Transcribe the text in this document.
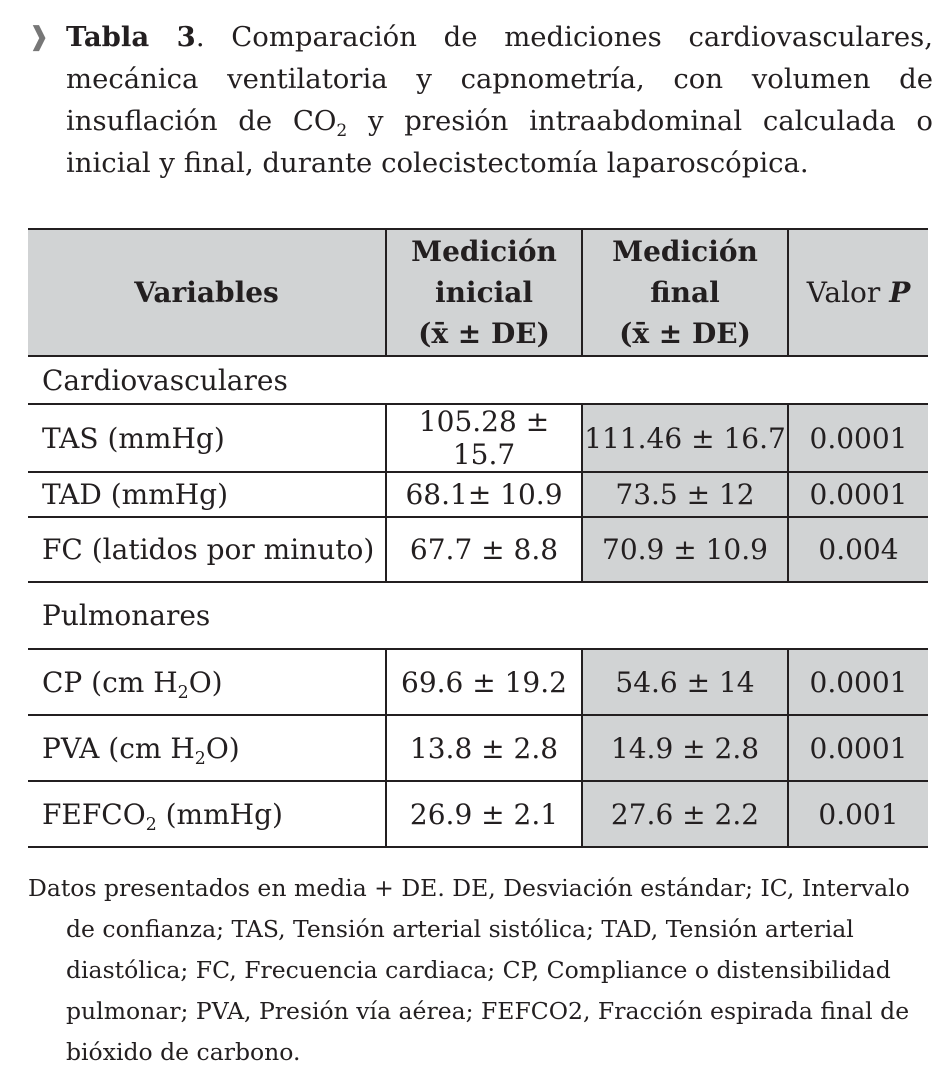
❱ Tabla 3. Comparación de mediciones cardiovasculares, mecánica ventilatoria y capnometría, con volumen de insuflación de $CO_2$ y presión intraabdominal calculada o inicial y final, durante colecistectomía laparoscópica.
Variables	Medición
inicial
(x̄ ± DE)	Medición
final
(x̄ ± DE)	Valor P
Cardiovasculares			
TAS (mmHg)	105.28 ± 15.7	111.46 ± 16.7	0.0001
TAD (mmHg)	68.1± 10.9	73.5 ± 12	0.0001
FC (latidos por minuto)	67.7 ± 8.8	70.9 ± 10.9	0.004
Pulmonares			
CP (cm $H_2O$)	69.6 ± 19.2	54.6 ± 14	0.0001
PVA (cm $H_2O$)	13.8 ± 2.8	14.9 ± 2.8	0.0001
$FEFCO_2$ (mmHg)	26.9 ± 2.1	27.6 ± 2.2	0.001
Datos presentados en media + DE. DE, Desviación estándar; IC, Intervalo de confianza; TAS, Tensión arterial sistólica; TAD, Tensión arterial diastólica; FC, Frecuencia cardiaca; CP, Compliance o distensibilidad pulmonar; PVA, Presión vía aérea; FEFCO2, Fracción espirada final de bióxido de carbono.
